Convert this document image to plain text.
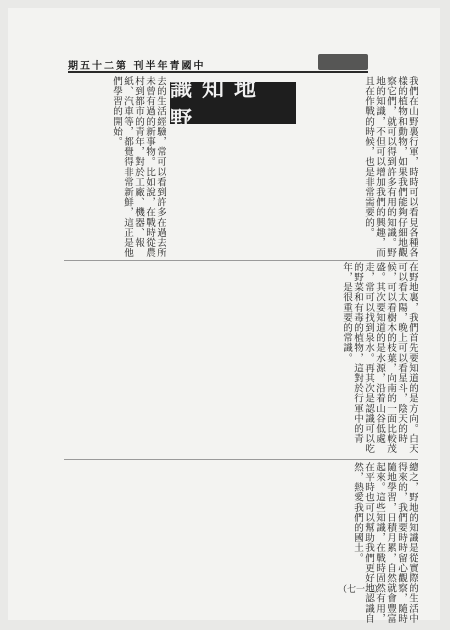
期五十二第 刊半年青國中
識知地野
去的生活經驗，常可以看到許多在過去所未曾有過的新事物。比如說，在戰時從農村到都市的青年，對於工廠、機器、報紙、汽車等，都覺得非常新鮮，這正是他們學習的開始。	我們在山野裏行軍，時時可以看見各種各樣的植物和動物，如果我們能夠仔細地觀察它們，就可以得到許多有用的知識。野地的知識，不但可以增加我們的興趣，而且在作戰的時候，也是非常需要的。
在野地裏，我們首先要知道的是方向。白天可以看太陽，晚上可以看星斗，陰天的時候，可以看樹木的枝葉，向南的一面比較茂盛。其次要知道的是水源，沿着山谷低處走，常可以找到泉水。再其次是認識可以吃的野菜和有毒的植物，這對於行軍中的青年，是很重要的常識。
總之，野地的知識是從實際的生活中得來的，我們要時時留心觀察，隨時隨地學習，日積月累，自然就會豐富起來。這些知識，在戰時固然有用，在平時也可以幫助我們更好地認識自然，熱愛我們的國土。
（七一二）
